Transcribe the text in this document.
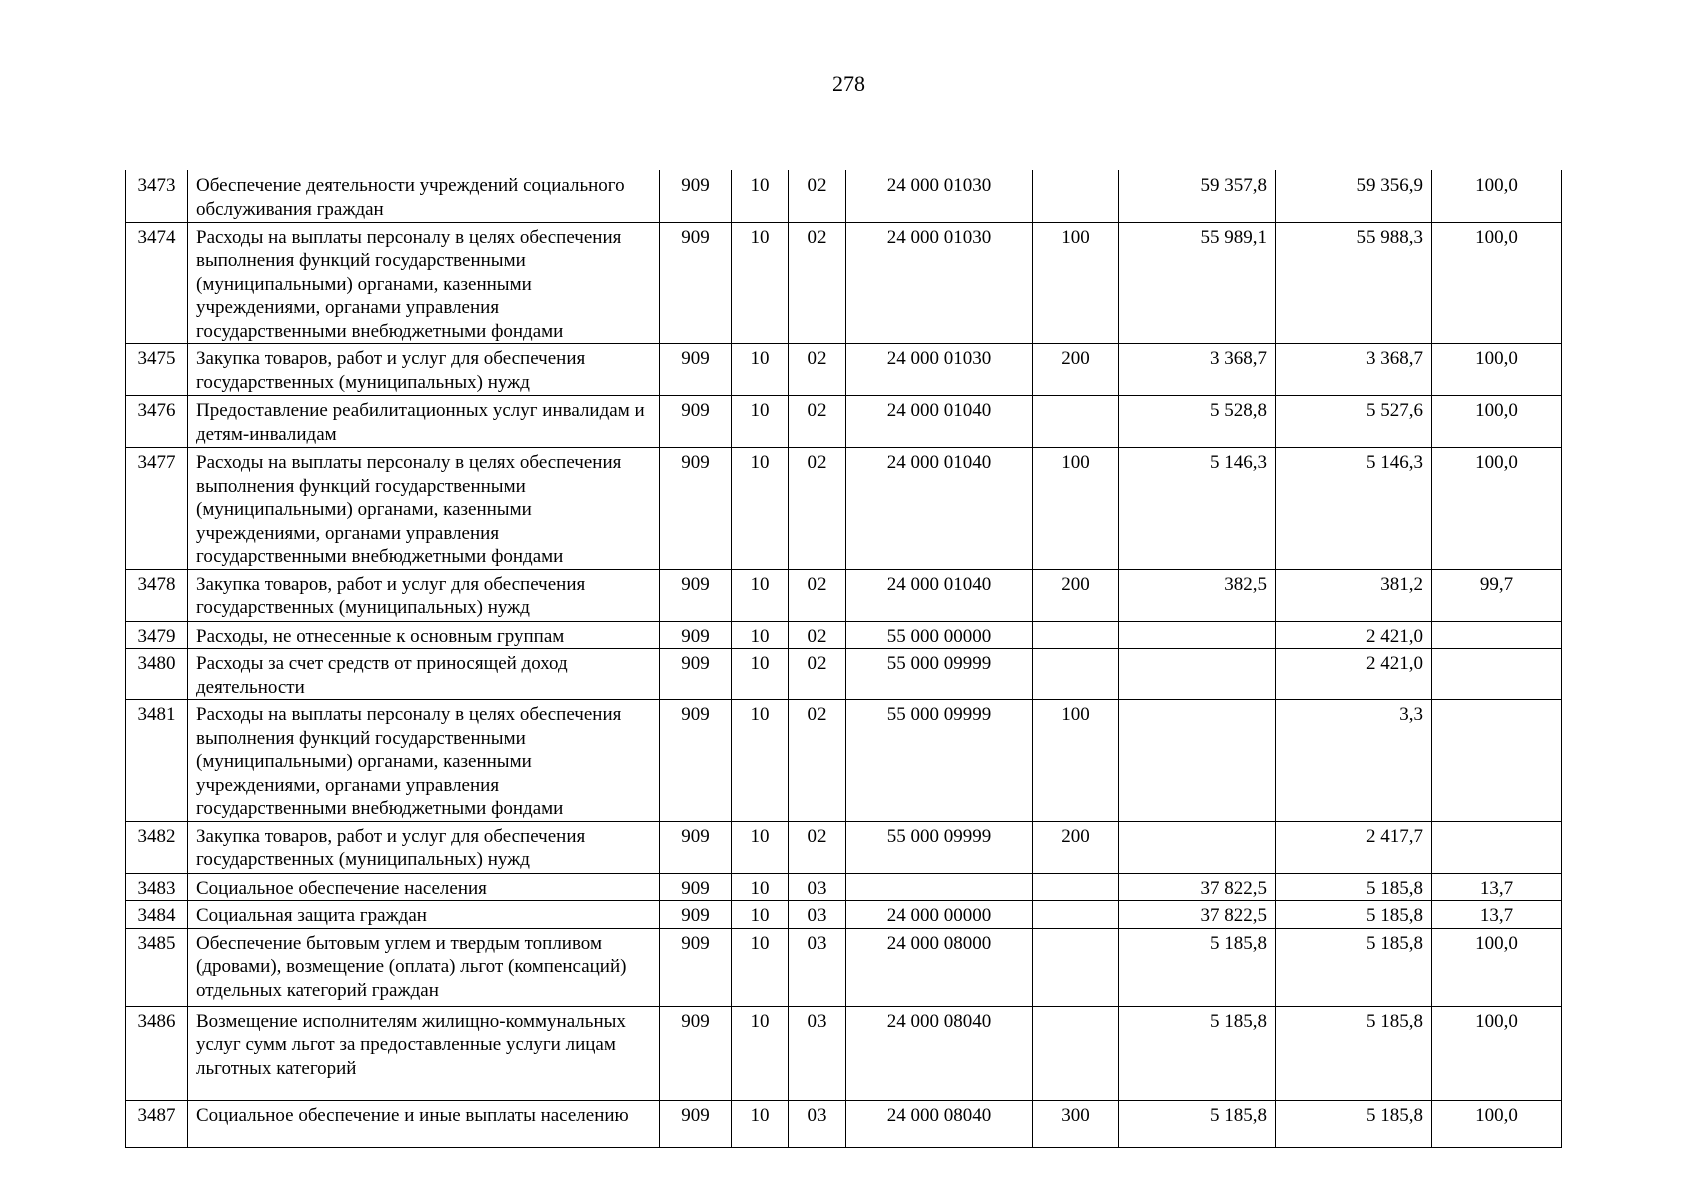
278
3473	Обеспечение деятельности учреждений социального обслуживания граждан	909	10	02	24 000 01030		59 357,8	59 356,9	100,0
3474	Расходы на выплаты персоналу в целях обеспечения выполнения функций государственными (муниципальными) органами, казенными учреждениями, органами управления государственными внебюджетными фондами	909	10	02	24 000 01030	100	55 989,1	55 988,3	100,0
3475	Закупка товаров, работ и услуг для обеспечения государственных (муниципальных) нужд	909	10	02	24 000 01030	200	3 368,7	3 368,7	100,0
3476	Предоставление реабилитационных услуг инвалидам и детям-инвалидам	909	10	02	24 000 01040		5 528,8	5 527,6	100,0
3477	Расходы на выплаты персоналу в целях обеспечения выполнения функций государственными (муниципальными) органами, казенными учреждениями, органами управления государственными внебюджетными фондами	909	10	02	24 000 01040	100	5 146,3	5 146,3	100,0
3478	Закупка товаров, работ и услуг для обеспечения государственных (муниципальных) нужд	909	10	02	24 000 01040	200	382,5	381,2	99,7
3479	Расходы, не отнесенные к основным группам	909	10	02	55 000 00000			2 421,0	
3480	Расходы за счет средств от приносящей доход деятельности	909	10	02	55 000 09999			2 421,0	
3481	Расходы на выплаты персоналу в целях обеспечения выполнения функций государственными (муниципальными) органами, казенными учреждениями, органами управления государственными внебюджетными фондами	909	10	02	55 000 09999	100		3,3	
3482	Закупка товаров, работ и услуг для обеспечения государственных (муниципальных) нужд	909	10	02	55 000 09999	200		2 417,7	
3483	Социальное обеспечение населения	909	10	03			37 822,5	5 185,8	13,7
3484	Социальная защита граждан	909	10	03	24 000 00000		37 822,5	5 185,8	13,7
3485	Обеспечение бытовым углем и твердым топливом (дровами), возмещение (оплата) льгот (компенсаций) отдельных категорий граждан	909	10	03	24 000 08000		5 185,8	5 185,8	100,0
3486	Возмещение исполнителям жилищно-коммунальных услуг сумм льгот за предоставленные услуги лицам льготных категорий	909	10	03	24 000 08040		5 185,8	5 185,8	100,0
3487	Социальное обеспечение и иные выплаты населению	909	10	03	24 000 08040	300	5 185,8	5 185,8	100,0
